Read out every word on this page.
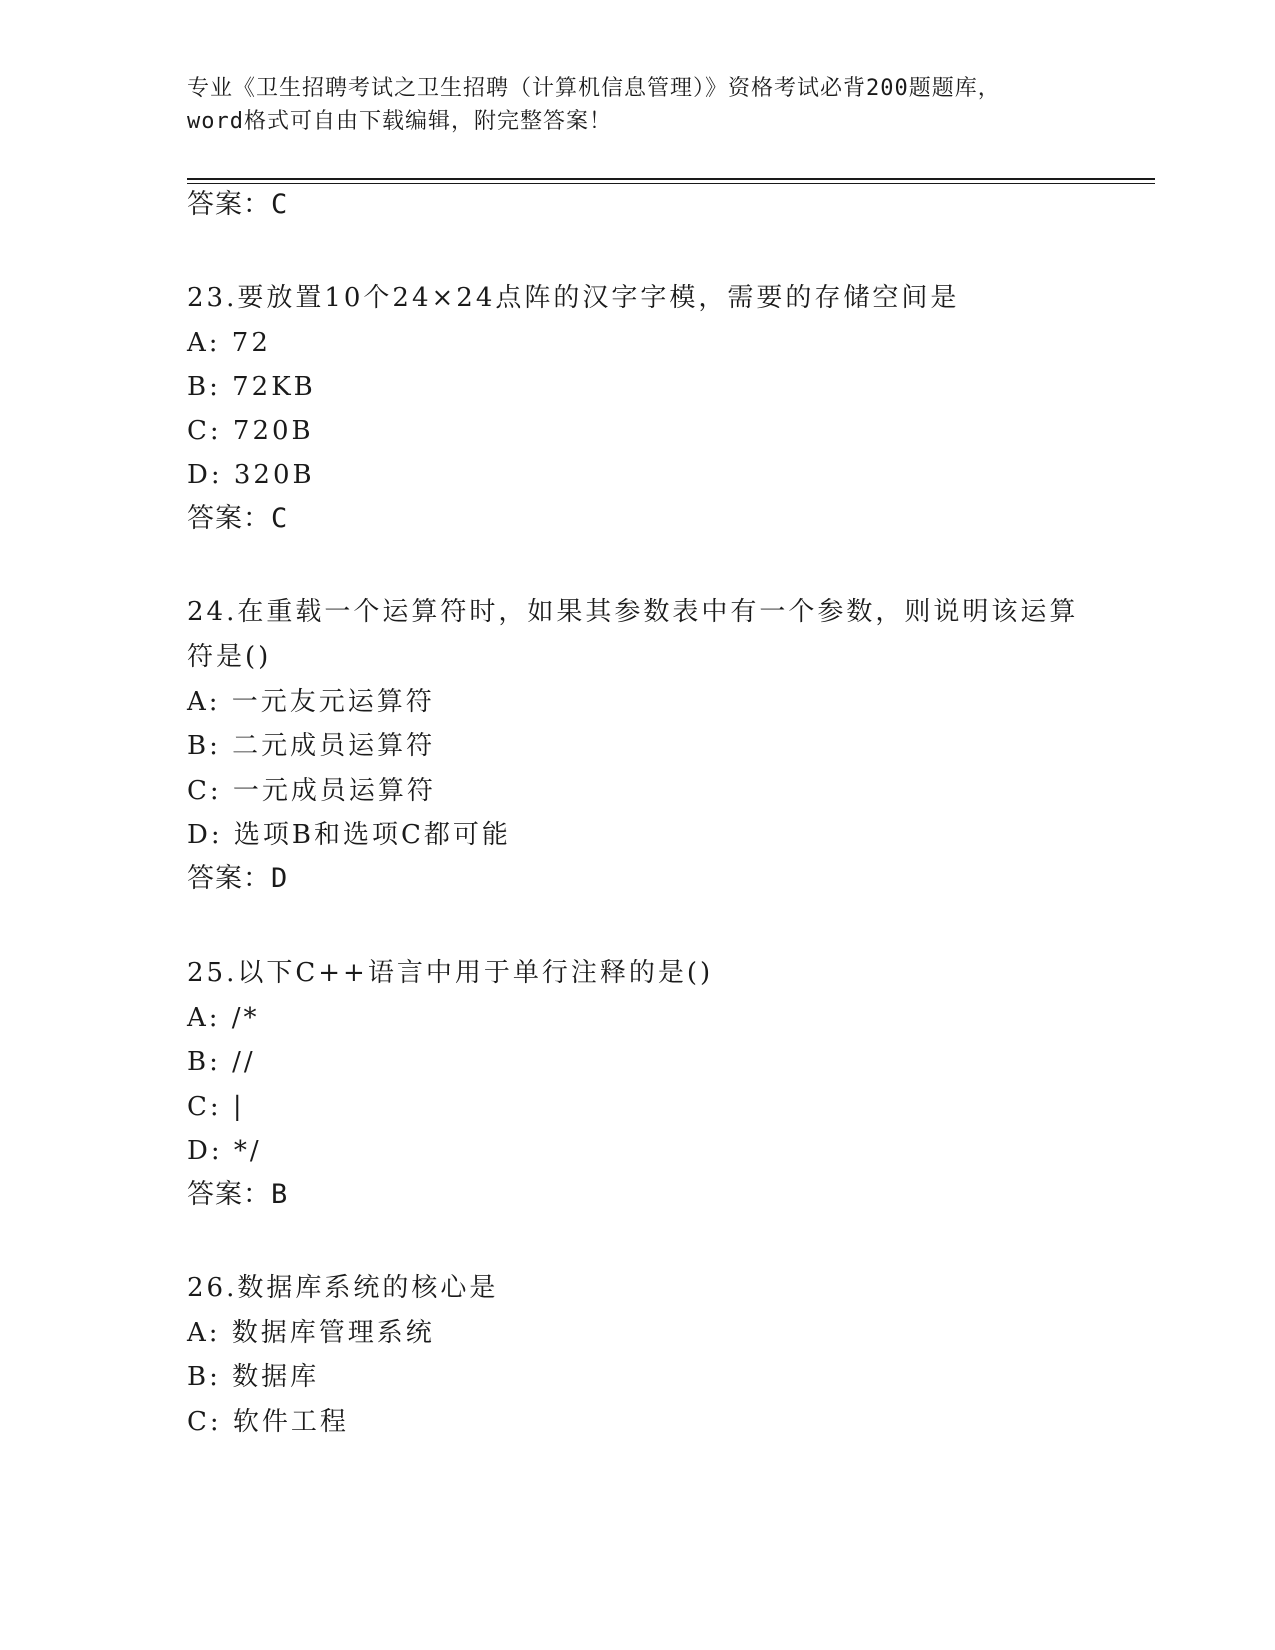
专业《卫生招聘考试之卫生招聘（计算机信息管理）》资格考试必背200题题库，
word格式可自由下载编辑，附完整答案！
答案：C
23.要放置10个24×24点阵的汉字字模，需要的存储空间是
A: 72
B: 72KB
C: 720B
D: 320B
答案：C
24.在重载一个运算符时，如果其参数表中有一个参数，则说明该运算
符是()
A: 一元友元运算符
B: 二元成员运算符
C: 一元成员运算符
D: 选项B和选项C都可能
答案：D
25.以下C++语言中用于单行注释的是()
A: /*
B: //
C: |
D: */
答案：B
26.数据库系统的核心是
A: 数据库管理系统
B: 数据库
C: 软件工程
